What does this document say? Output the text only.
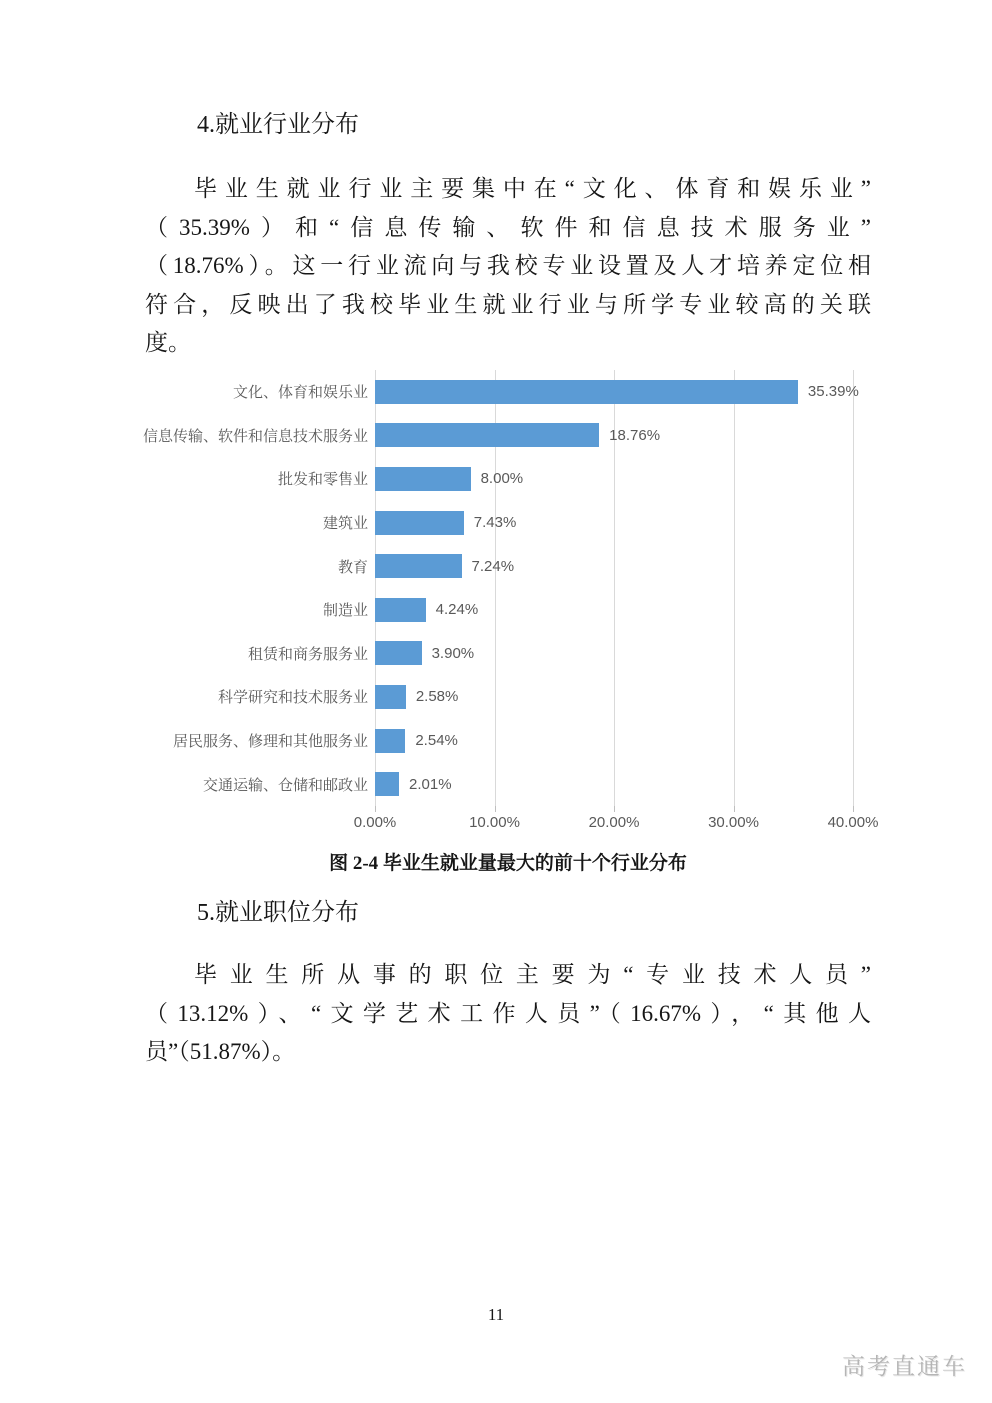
4.就业行业分布
毕业生就业行业主要集中在“文化、体育和娱乐业”
（35.39%）和“信息传输、软件和信息技术服务业”
（18.76%）。这一行业流向与我校专业设置及人才培养定位相
符合，反映出了我校毕业生就业行业与所学专业较高的关联
度。
0.00%	10.00%	20.00%	30.00%	40.00%
文化、体育和娱乐业	35.39%
信息传输、软件和信息技术服务业	18.76%
批发和零售业	8.00%
建筑业	7.43%
教育	7.24%
制造业	4.24%
租赁和商务服务业	3.90%
科学研究和技术服务业	2.58%
居民服务、修理和其他服务业	2.54%
交通运输、仓储和邮政业	2.01%
图 2-4 毕业生就业量最大的前十个行业分布
5.就业职位分布
毕业生所从事的职位主要为“专业技术人员”
（13.12%）、“文学艺术工作人员”（16.67%），“其他人
员”（51.87%）。
11
高考直通车
